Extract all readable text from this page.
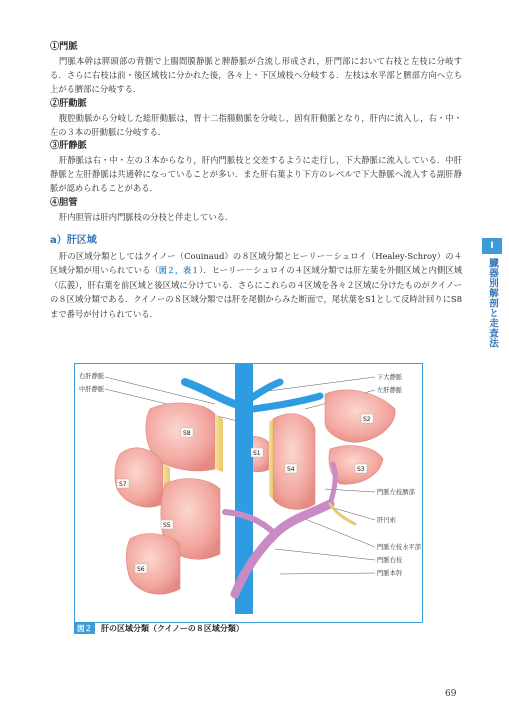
①門脈

門脈本幹は膵頭部の背側で上腸間膜静脈と脾静脈が合流し形成され，肝門部において右枝と左枝に分岐する．さらに右枝は前・後区域枝に分かれた後，各々上・下区域枝へ分岐する．左枝は水平部と臍部方向へ立ち上がる臍部に分岐する．

②肝動脈

腹腔動脈から分岐した総肝動脈は，胃十二指腸動脈を分岐し，固有肝動脈となり，肝内に流入し，右・中・左の３本の肝動脈に分岐する．

③肝静脈

肝静脈は右・中・左の３本からなり，肝内門脈枝と交差するように走行し，下大静脈に流入している．中肝静脈と左肝静脈は共通幹になっていることが多い．また肝右葉より下方のレベルで下大静脈へ流入する副肝静脈が認められることがある．

④胆管

肝内胆管は肝内門脈枝の分枝と伴走している．

a）肝区域

肝の区域分類としてはクイノー（Couinaud）の８区域分類とヒーリー－シュロイ（Healey-Schroy）の４区域分類が用いられている（図２，表１）．ヒーリー－シュロイの４区域分類では肝左葉を外側区域と内側区域（広義），肝右葉を前区域と後区域に分けている．さらにこれらの４区域を各々２区域に分けたものがクイノーの８区域分類である．クイノーの８区域分類では肝を尾側からみた断面で，尾状葉をS1として反時計回りにS8まで番号が付けられている．

Ⅰ
臓器別解剖と走査法
S8
S2
S1
S4	S3
S7
S5
S6
右肝静脈
中肝静脈
下大静脈
左肝静脈
門脈左枝臍部
肝円索
門脈左枝水平部
門脈右枝
門脈本幹
図２ 肝の区域分類（クイノーの８区域分類）
69
